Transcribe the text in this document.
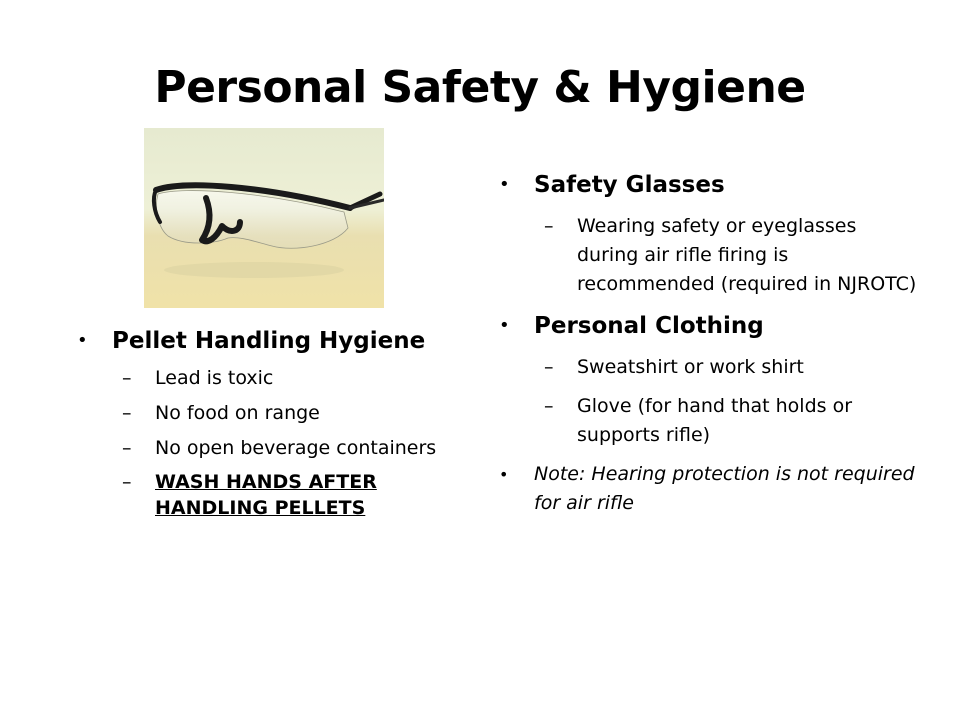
Personal Safety & Hygiene
• Pellet Handling Hygiene
– Lead is toxic
– No food on range
– No open beverage containers
– WASH HANDS AFTER HANDLING PELLETS
• Safety Glasses
– Wearing safety or eyeglasses during air rifle firing is recommended (required in NJROTC)
• Personal Clothing
– Sweatshirt or work shirt
– Glove (for hand that holds or supports rifle)
• Note: Hearing protection is not required for air rifle
